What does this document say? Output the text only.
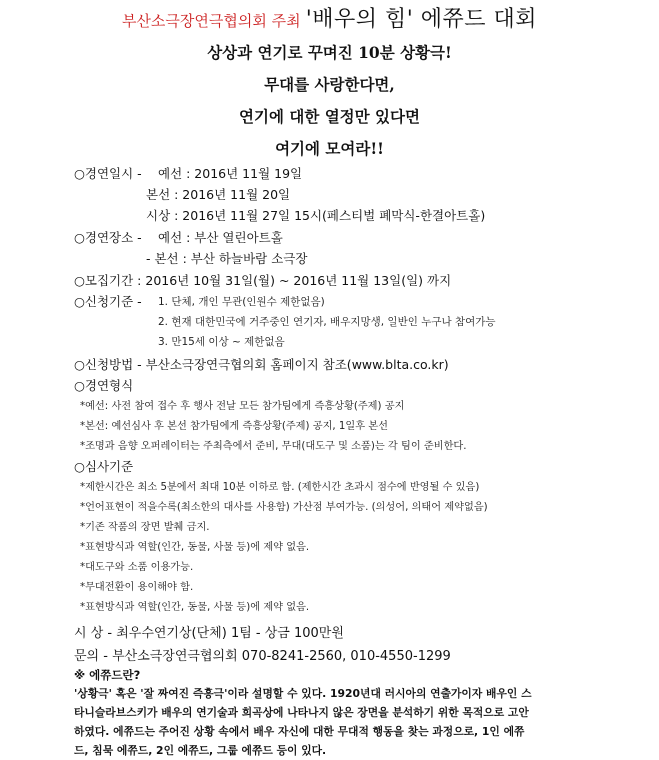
부산소극장연극협의회 주최 '배우의 힘' 에쮸드 대회
상상과 연기로 꾸며진 10분 상황극!
무대를 사랑한다면,
연기에 대한 열정만 있다면
여기에 모여라!!
○경연일시 - 예선 : 2016년 11월 19일
본선 : 2016년 11월 20일
시상 : 2016년 11월 27일 15시(페스티벌 폐막식-한결아트홀)
○경연장소 - 예선 : 부산 열린아트홀
- 본선 : 부산 하늘바람 소극장
○모집기간 : 2016년 10월 31일(월) ~ 2016년 11월 13일(일) 까지
○신청기준 - 1. 단체, 개인 무관(인원수 제한없음)
2. 현재 대한민국에 거주중인 연기자, 배우지망생, 일반인 누구나 참여가능
3. 만15세 이상 ~ 제한없음
○신청방법 - 부산소극장연극협의회 홈페이지 참조(www.blta.co.kr)
○경연형식
*예선: 사전 참여 접수 후 행사 전날 모든 참가팀에게 즉흥상황(주제) 공지
*본선: 예선심사 후 본선 참가팀에게 즉흥상황(주제) 공지, 1일후 본선
*조명과 음향 오퍼레이터는 주최측에서 준비, 무대(대도구 및 소품)는 각 팀이 준비한다.
○심사기준
*제한시간은 최소 5분에서 최대 10분 이하로 함. (제한시간 초과시 점수에 반영될 수 있음)
*언어표현이 적을수록(최소한의 대사를 사용함) 가산점 부여가능. (의성어, 의태어 제약없음)
*기존 작품의 장면 발췌 금지.
*표현방식과 역할(인간, 동물, 사물 등)에 제약 없음.
*대도구와 소품 이용가능.
*무대전환이 용이해야 함.
*표현방식과 역할(인간, 동물, 사물 등)에 제약 없음.
시 상 - 최우수연기상(단체) 1팀 - 상금 100만원
문의 - 부산소극장연극협의회 070-8241-2560, 010-4550-1299
※ 에쮸드란?
'상황극' 혹은 '잘 짜여진 즉흥극'이라 설명할 수 있다. 1920년대 러시아의 연출가이자 배우인 스
타니슬라브스키가 배우의 연기술과 희곡상에 나타나지 않은 장면을 분석하기 위한 목적으로 고안
하였다. 에쮸드는 주어진 상황 속에서 배우 자신에 대한 무대적 행동을 찾는 과정으로, 1인 에쮸
드, 침묵 에쮸드, 2인 에쮸드, 그룹 에쮸드 등이 있다.
